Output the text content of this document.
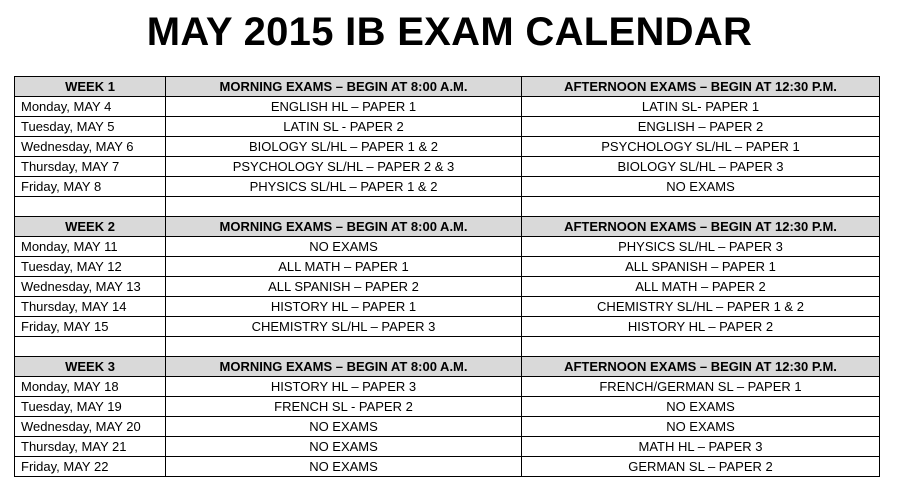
MAY 2015 IB EXAM CALENDAR
WEEK 1	MORNING EXAMS – BEGIN AT 8:00 A.M.	AFTERNOON EXAMS – BEGIN AT 12:30 P.M.
Monday, MAY 4	ENGLISH HL – PAPER 1	LATIN SL- PAPER 1
Tuesday, MAY 5	LATIN SL - PAPER 2	ENGLISH – PAPER 2
Wednesday, MAY 6	BIOLOGY SL/HL – PAPER 1 & 2	PSYCHOLOGY SL/HL – PAPER 1
Thursday, MAY 7	PSYCHOLOGY SL/HL – PAPER 2 & 3	BIOLOGY SL/HL – PAPER 3
Friday, MAY 8	PHYSICS SL/HL – PAPER 1 & 2	NO EXAMS

WEEK 2	MORNING EXAMS – BEGIN AT 8:00 A.M.	AFTERNOON EXAMS – BEGIN AT 12:30 P.M.
Monday, MAY 11	NO EXAMS	PHYSICS SL/HL – PAPER 3
Tuesday, MAY 12	ALL MATH – PAPER 1	ALL SPANISH – PAPER 1
Wednesday, MAY 13	ALL SPANISH – PAPER 2	ALL MATH – PAPER 2
Thursday, MAY 14	HISTORY HL – PAPER 1	CHEMISTRY SL/HL – PAPER 1 & 2
Friday, MAY 15	CHEMISTRY SL/HL – PAPER 3	HISTORY HL – PAPER 2

WEEK 3	MORNING EXAMS – BEGIN AT 8:00 A.M.	AFTERNOON EXAMS – BEGIN AT 12:30 P.M.
Monday, MAY 18	HISTORY HL – PAPER 3	FRENCH/GERMAN SL – PAPER 1
Tuesday, MAY 19	FRENCH SL - PAPER 2	NO EXAMS
Wednesday, MAY 20	NO EXAMS	NO EXAMS
Thursday, MAY 21	NO EXAMS	MATH HL – PAPER 3
Friday, MAY 22	NO EXAMS	GERMAN SL – PAPER 2
